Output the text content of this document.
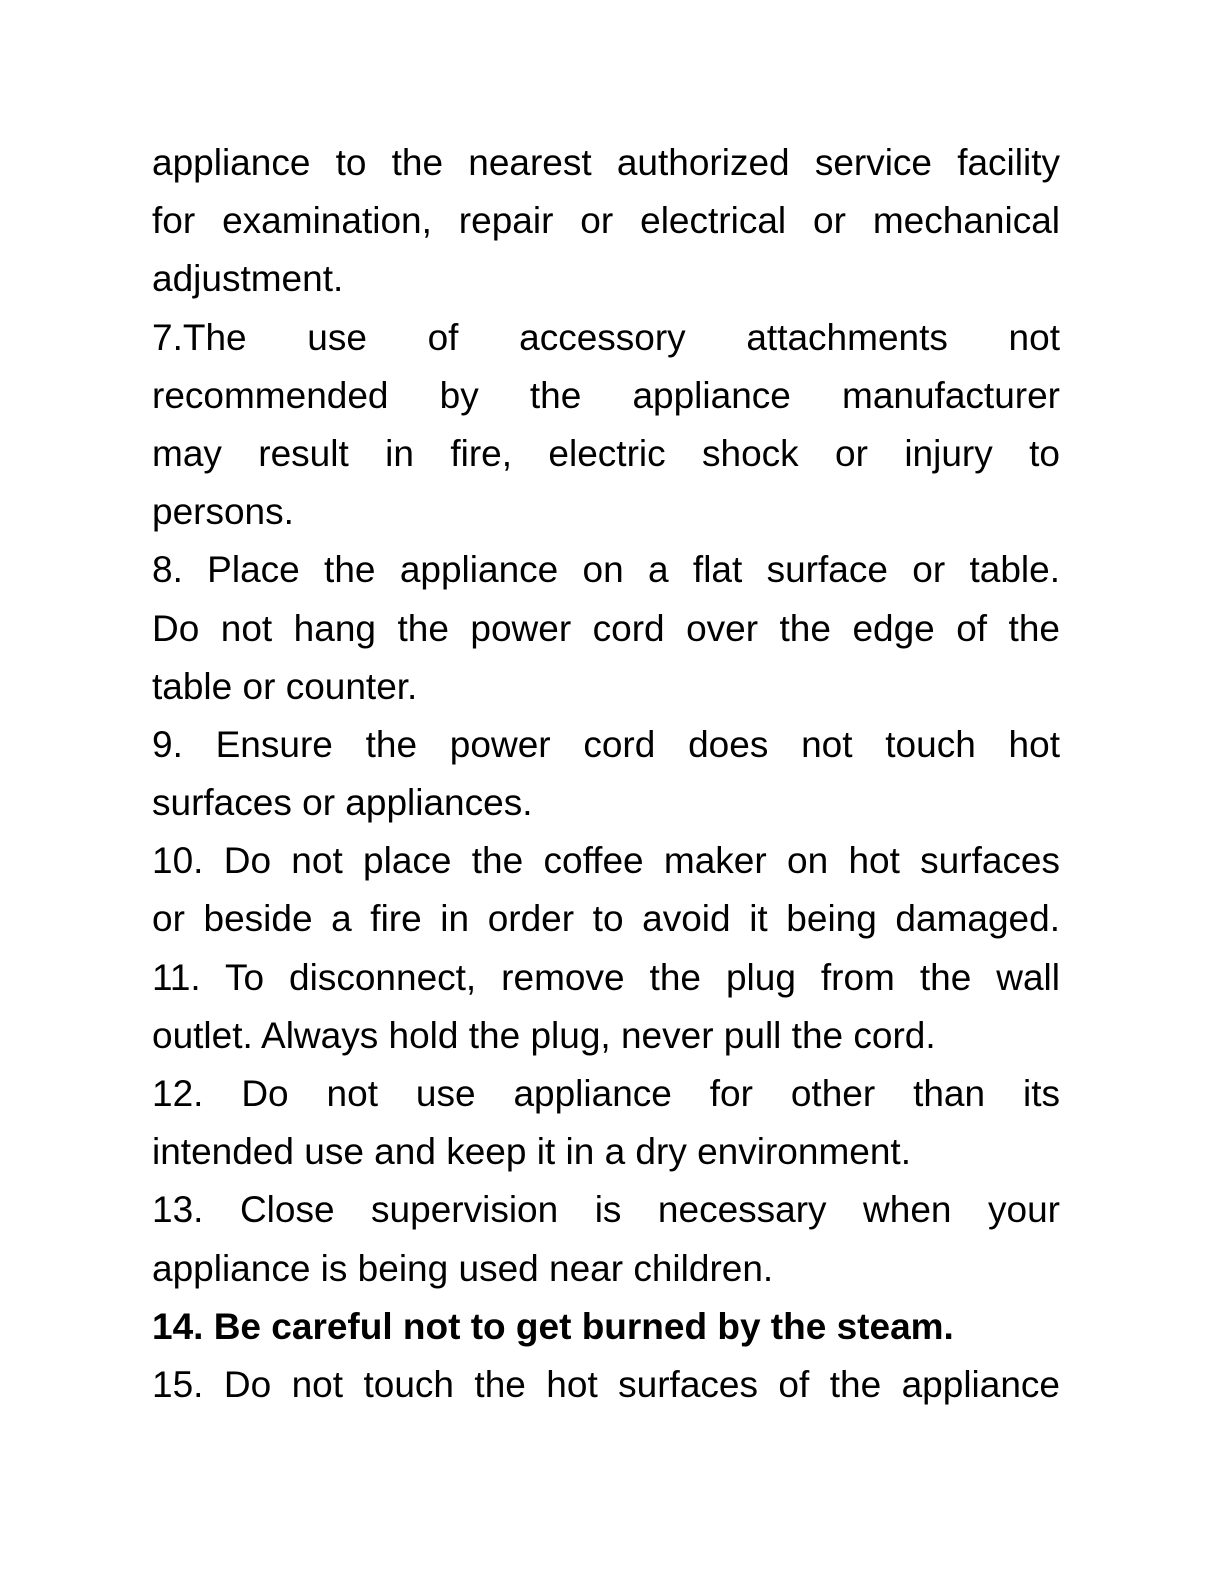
appliance to the nearest authorized service facility
for examination, repair or electrical or mechanical
adjustment.
7.The use of accessory attachments not
recommended by the appliance manufacturer
may result in fire, electric shock or injury to
persons.
8. Place the appliance on a flat surface or table.
Do not hang the power cord over the edge of the
table or counter.
9. Ensure the power cord does not touch hot
surfaces or appliances.
10. Do not place the coffee maker on hot surfaces
or beside a fire in order to avoid it being damaged.
11. To disconnect, remove the plug from the wall
outlet. Always hold the plug, never pull the cord.
12. Do not use appliance for other than its
intended use and keep it in a dry environment.
13. Close supervision is necessary when your
appliance is being used near children.
14. Be careful not to get burned by the steam.
15. Do not touch the hot surfaces of the appliance
